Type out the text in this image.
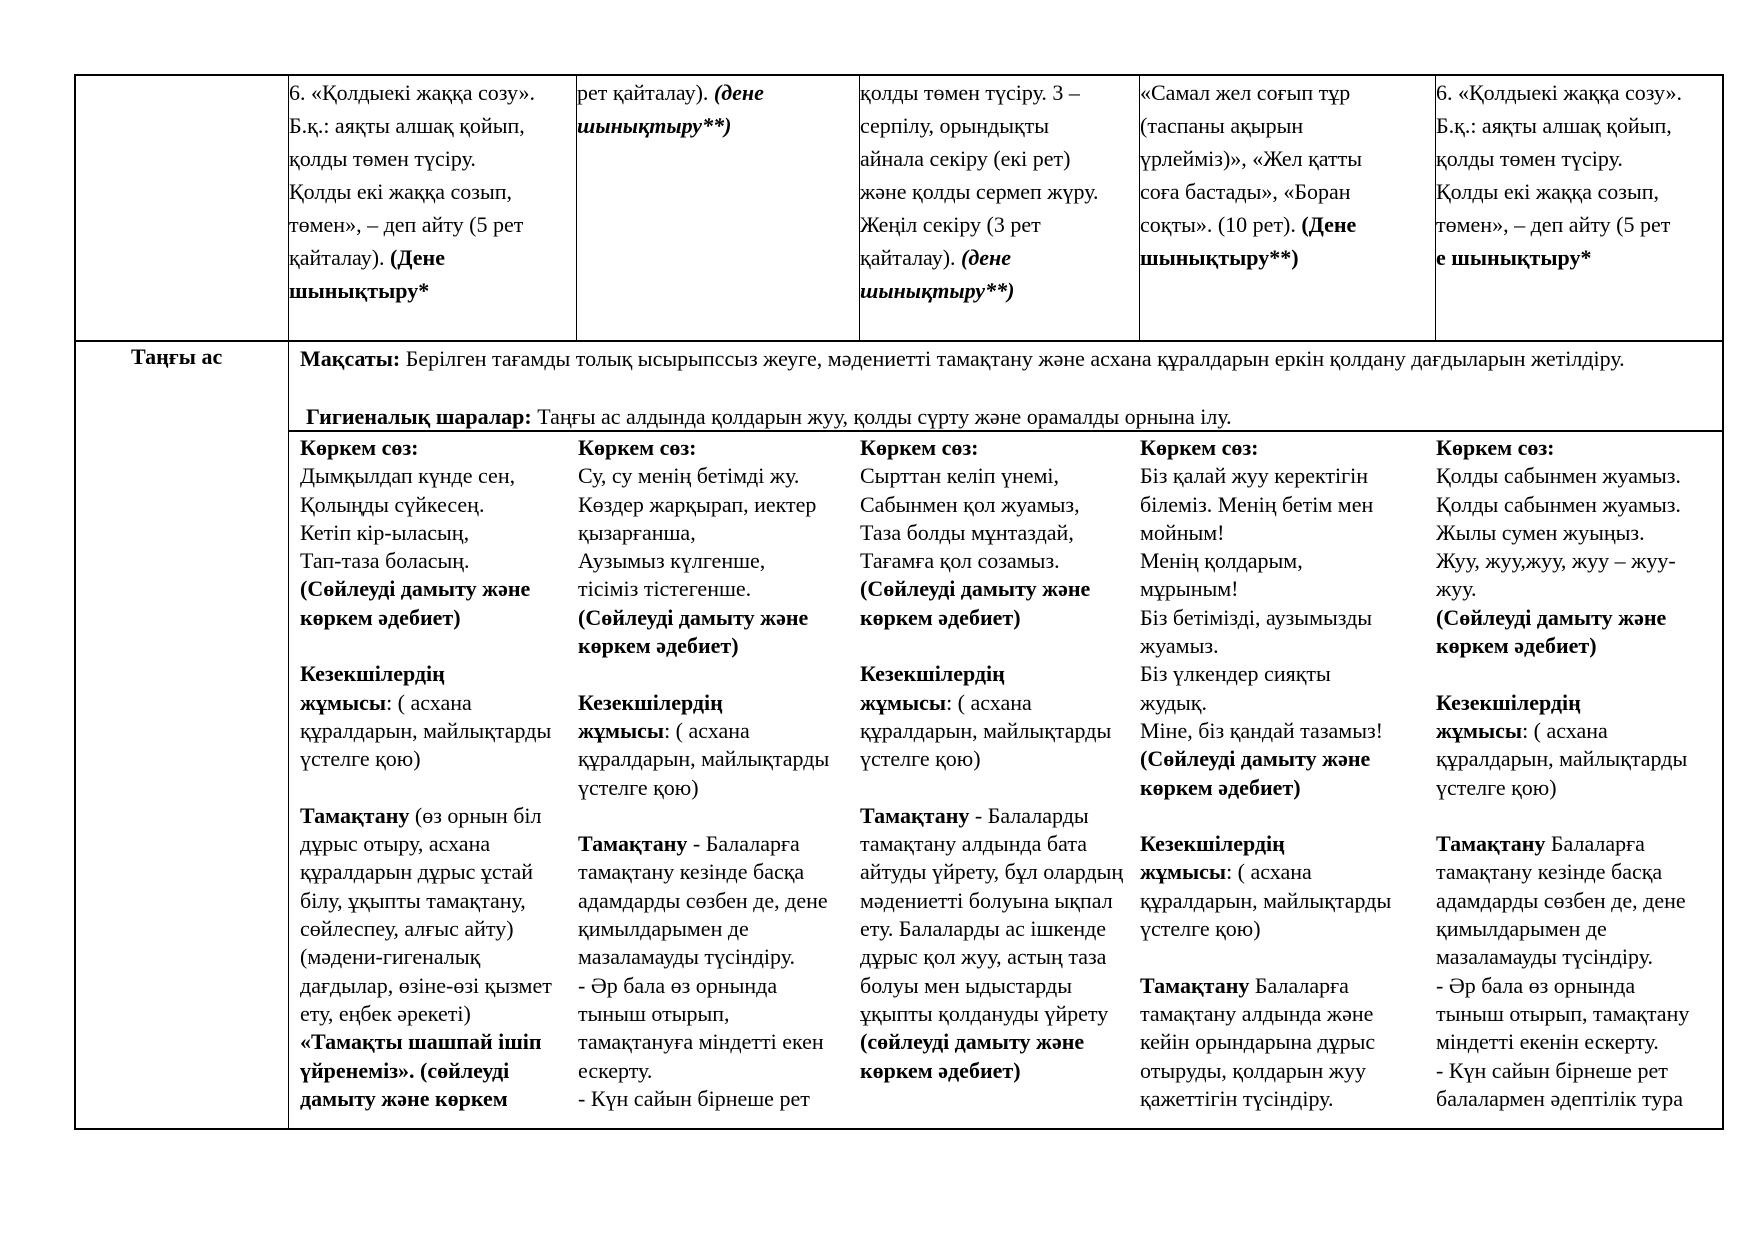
6. «Қолдыекі жаққа созу».
Б.қ.: аяқты алшақ қойып,
қолды төмен түсіру.
Қолды екі жаққа созып,
төмен», – деп айту (5 рет
қайталау). (Дене
шынықтыру*
рет қайталау). (дене
шынықтыру**)
қолды төмен түсіру. 3 –
серпілу, орындықты
айнала секіру (екі рет)
және қолды сермеп жүру.
Жеңіл секіру (3 рет
қайталау). (дене
шынықтыру**)
«Самал жел соғып тұр
(таспаны ақырын
үрлейміз)», «Жел қатты
соға бастады», «Боран
соқты». (10 рет). (Дене
шынықтыру**)
6. «Қолдыекі жаққа созу».
Б.қ.: аяқты алшақ қойып,
қолды төмен түсіру.
Қолды екі жаққа созып,
төмен», – деп айту (5 рет
е шынықтыру*
Таңғы ас	Мақсаты: Берілген тағамды толық ысырыпссыз жеуге, мәдениетті тамақтану және асхана құралдарын еркін қолдану дағдыларын жетілдіру.
Гигиеналық шаралар: Таңғы ас алдында қолдарын жуу, қолды сүрту және орамалды орнына ілу.
Көркем сөз:
Дымқылдап күнде сен,
Қолыңды сүйкесең.
Кетіп кір-ыласың,
Тап-таза боласың.
(Сөйлеуді дамыту және
көркем әдебиет)

Кезекшілердің
жұмысы: ( асхана
құралдарын, майлықтарды
үстелге қою)

Тамақтану (өз орнын біл
дұрыс отыру, асхана
құралдарын дұрыс ұстай
білу, ұқыпты тамақтану,
сөйлеспеу, алғыс айту)
(мәдени-гигеналық
дағдылар, өзіне-өзі қызмет
ету, еңбек әрекеті)
«Тамақты шашпай ішіп
үйренеміз». (сөйлеуді
дамыту және көркем
Көркем сөз:
Су, су менің бетімді жу.
Көздер жарқырап, иектер
қызарғанша,
Аузымыз күлгенше,
тісіміз тістегенше.
(Сөйлеуді дамыту және
көркем әдебиет)

Кезекшілердің
жұмысы: ( асхана
құралдарын, майлықтарды
үстелге қою)

Тамақтану - Балаларға
тамақтану кезінде басқа
адамдарды сөзбен де, дене
қимылдарымен де
мазаламауды түсіндіру.
- Әр бала өз орнында
тыныш отырып,
тамақтануға міндетті екен
ескерту.
- Күн сайын бірнеше рет
Көркем сөз:
Сырттан келіп үнемі,
Сабынмен қол жуамыз,
Таза болды мұнтаздай,
Тағамға қол созамыз.
(Сөйлеуді дамыту және
көркем әдебиет)

Кезекшілердің
жұмысы: ( асхана
құралдарын, майлықтарды
үстелге қою)

Тамақтану - Балаларды
тамақтану алдында бата
айтуды үйрету, бұл олардың
мәдениетті болуына ықпал
ету. Балаларды ас ішкенде
дұрыс қол жуу, астың таза
болуы мен ыдыстарды
ұқыпты қолдануды үйрету
(сөйлеуді дамыту және
көркем әдебиет)
Көркем сөз:
Біз қалай жуу керектігін
білеміз. Менің бетім мен
мойным!
Менің қолдарым,
мұрыным!
Біз бетімізді, аузымызды
жуамыз.
Біз үлкендер сияқты
жудық.
Міне, біз қандай тазамыз!
(Сөйлеуді дамыту және
көркем әдебиет)

Кезекшілердің
жұмысы: ( асхана
құралдарын, майлықтарды
үстелге қою)

Тамақтану Балаларға
тамақтану алдында және
кейін орындарына дұрыс
отыруды, қолдарын жуу
қажеттігін түсіндіру.
Көркем сөз:
Қолды сабынмен жуамыз.
Қолды сабынмен жуамыз.
Жылы сумен жуыңыз.
Жуу, жуу,жуу, жуу – жуу-
жуу.
(Сөйлеуді дамыту және
көркем әдебиет)

Кезекшілердің
жұмысы: ( асхана
құралдарын, майлықтарды
үстелге қою)

Тамақтану Балаларға
тамақтану кезінде басқа
адамдарды сөзбен де, дене
қимылдарымен де
мазаламауды түсіндіру.
- Әр бала өз орнында
тыныш отырып, тамақтану
міндетті екенін ескерту.
- Күн сайын бірнеше рет
балалармен әдептілік тура
